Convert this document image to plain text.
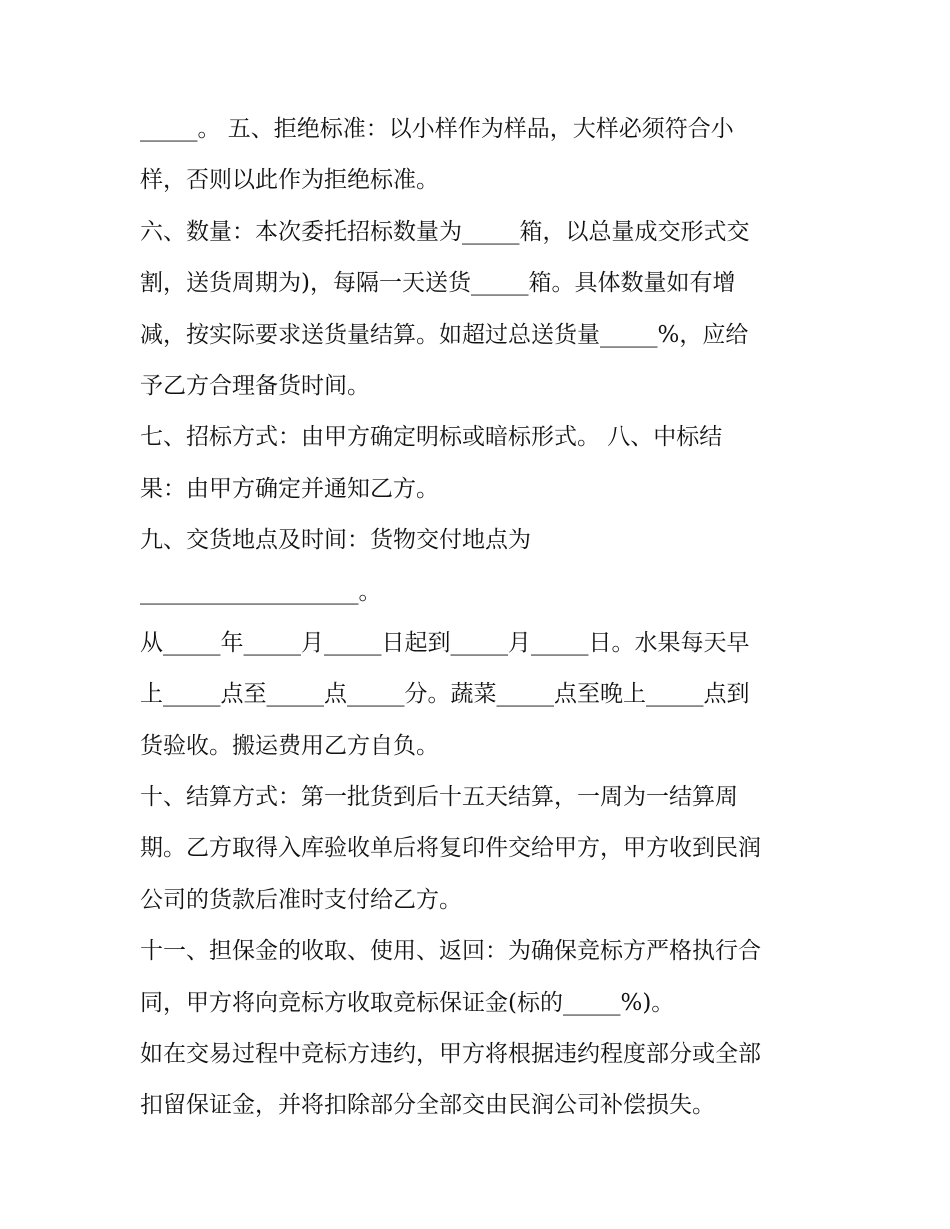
_____。 五、拒绝标准：以小样作为样品，大样必须符合小
样，否则以此作为拒绝标准。
六、数量：本次委托招标数量为_____箱，以总量成交形式交
割，送货周期为)，每隔一天送货_____箱。具体数量如有增
减，按实际要求送货量结算。如超过总送货量_____%，应给
予乙方合理备货时间。
七、招标方式：由甲方确定明标或暗标形式。 八、中标结
果：由甲方确定并通知乙方。
九、交货地点及时间：货物交付地点为
___________________。
从_____年_____月_____日起到_____月_____日。水果每天早
上_____点至_____点_____分。蔬菜_____点至晚上_____点到
货验收。搬运费用乙方自负。
十、结算方式：第一批货到后十五天结算，一周为一结算周
期。乙方取得入库验收单后将复印件交给甲方，甲方收到民润
公司的货款后准时支付给乙方。
十一、担保金的收取、使用、返回：为确保竞标方严格执行合
同，甲方将向竞标方收取竞标保证金(标的_____%)。
如在交易过程中竞标方违约，甲方将根据违约程度部分或全部
扣留保证金，并将扣除部分全部交由民润公司补偿损失。
